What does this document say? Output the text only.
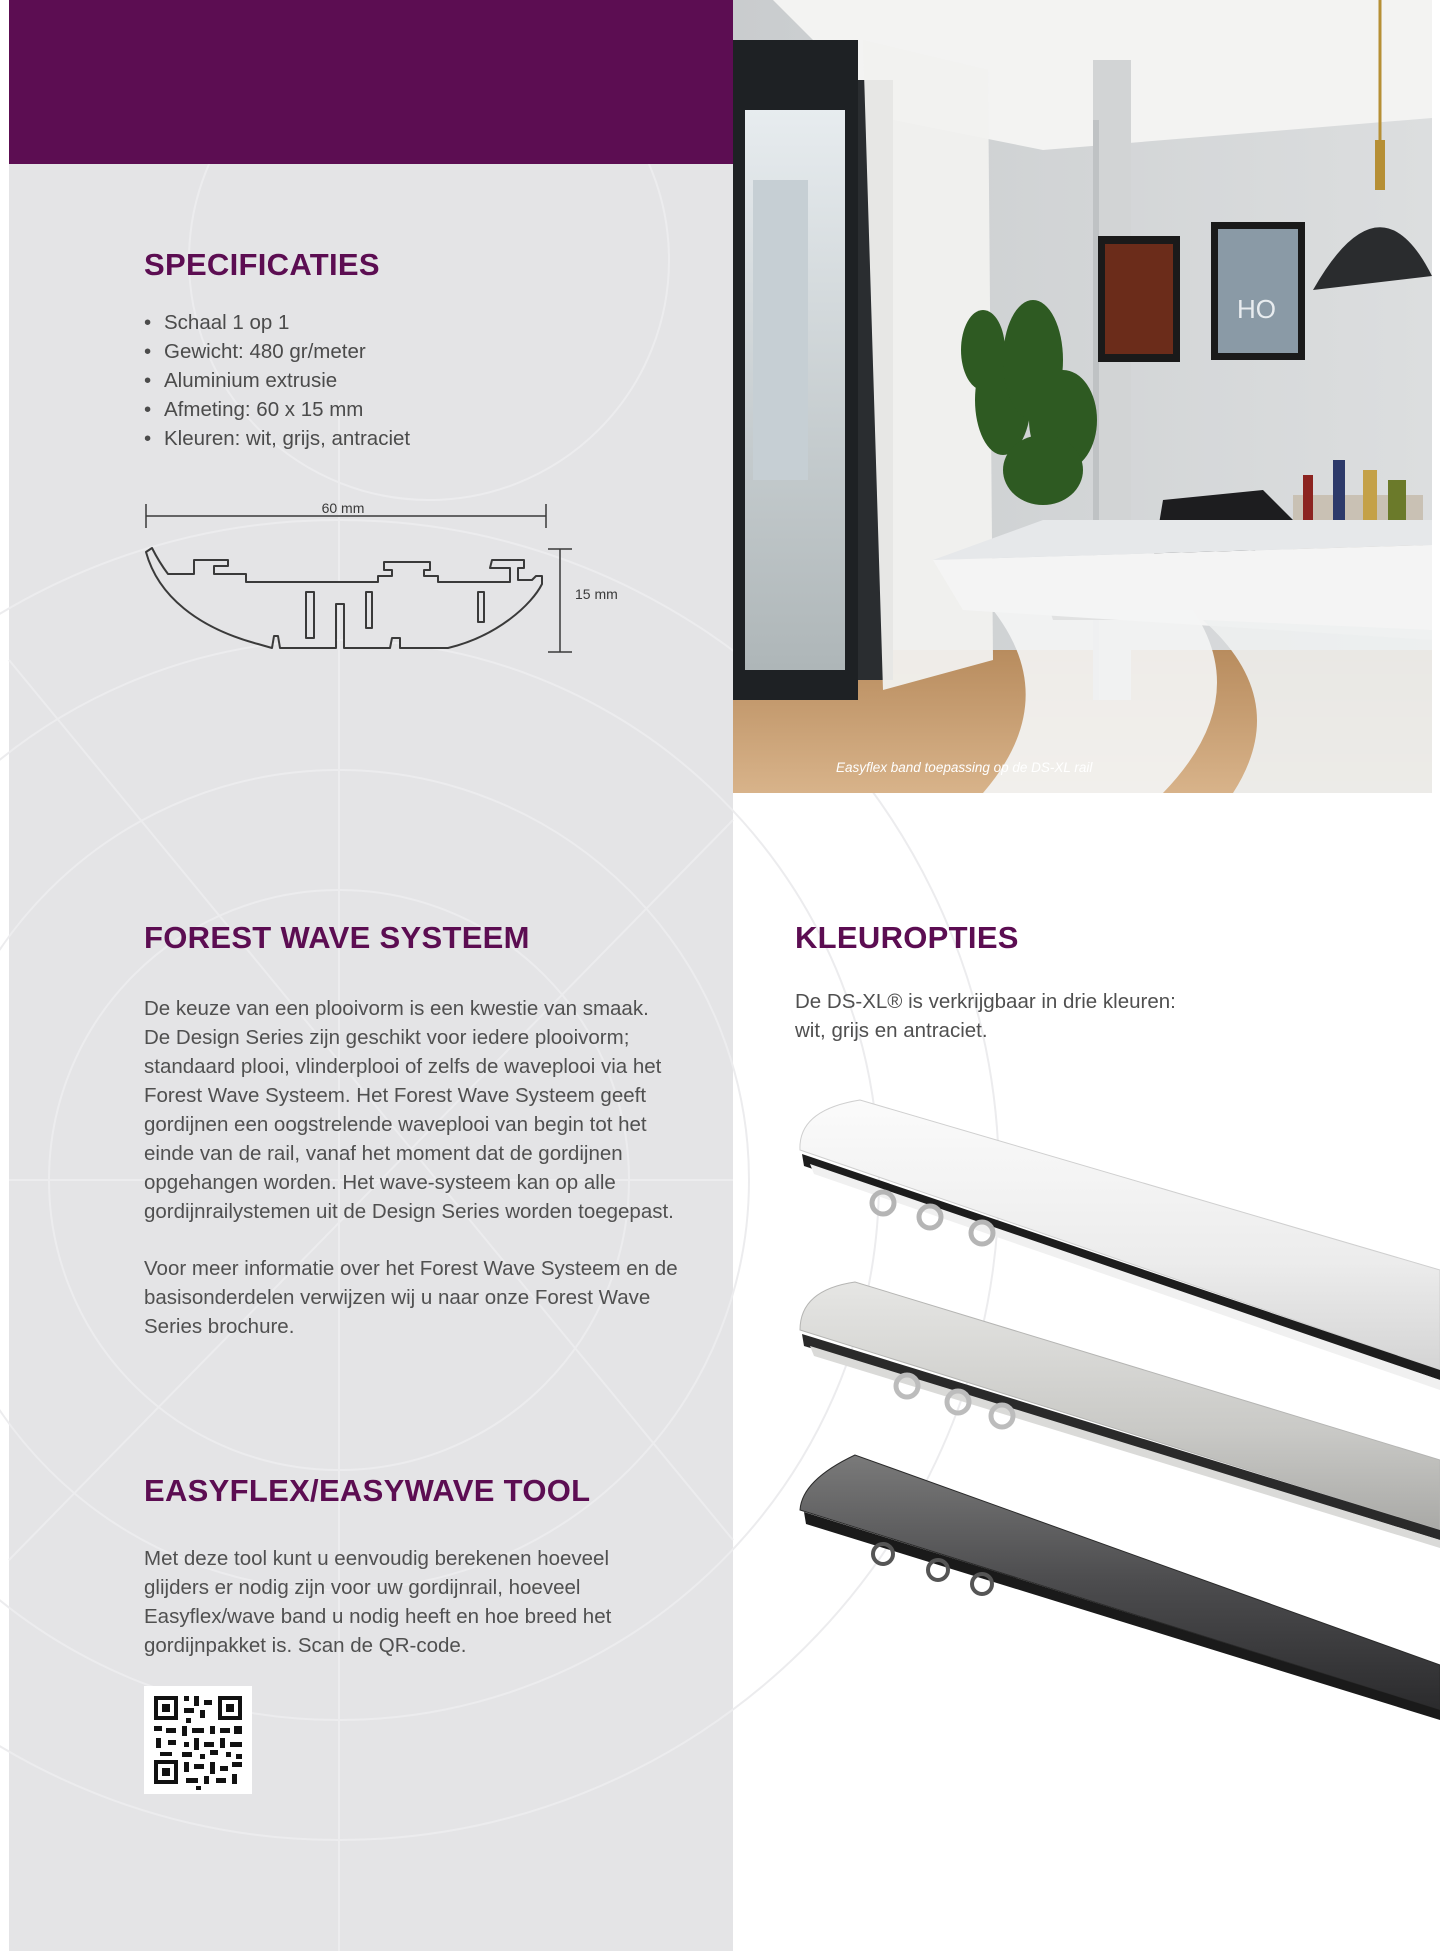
SPECIFICATIES
• Schaal 1 op 1
• Gewicht: 480 gr/meter
• Aluminium extrusie
• Afmeting: 60 x 15 mm
• Kleuren: wit, grijs, antraciet
60 mm
15 mm
HO
Easyflex band toepassing op de DS-XL rail
FOREST WAVE SYSTEEM
De keuze van een plooivorm is een kwestie van smaak.
De Design Series zijn geschikt voor iedere plooivorm;
standaard plooi, vlinderplooi of zelfs de waveplooi via het
Forest Wave Systeem. Het Forest Wave Systeem geeft
gordijnen een oogstrelende waveplooi van begin tot het
einde van de rail, vanaf het moment dat de gordijnen
opgehangen worden. Het wave-systeem kan op alle
gordijnrailystemen uit de Design Series worden toegepast.
Voor meer informatie over het Forest Wave Systeem en de
basisonderdelen verwijzen wij u naar onze Forest Wave
Series brochure.
EASYFLEX/EASYWAVE TOOL
Met deze tool kunt u eenvoudig berekenen hoeveel
glijders er nodig zijn voor uw gordijnrail, hoeveel
Easyflex/wave band u nodig heeft en hoe breed het
gordijnpakket is. Scan de QR-code.
KLEUROPTIES
De DS-XL® is verkrijgbaar in drie kleuren:
wit, grijs en antraciet.
